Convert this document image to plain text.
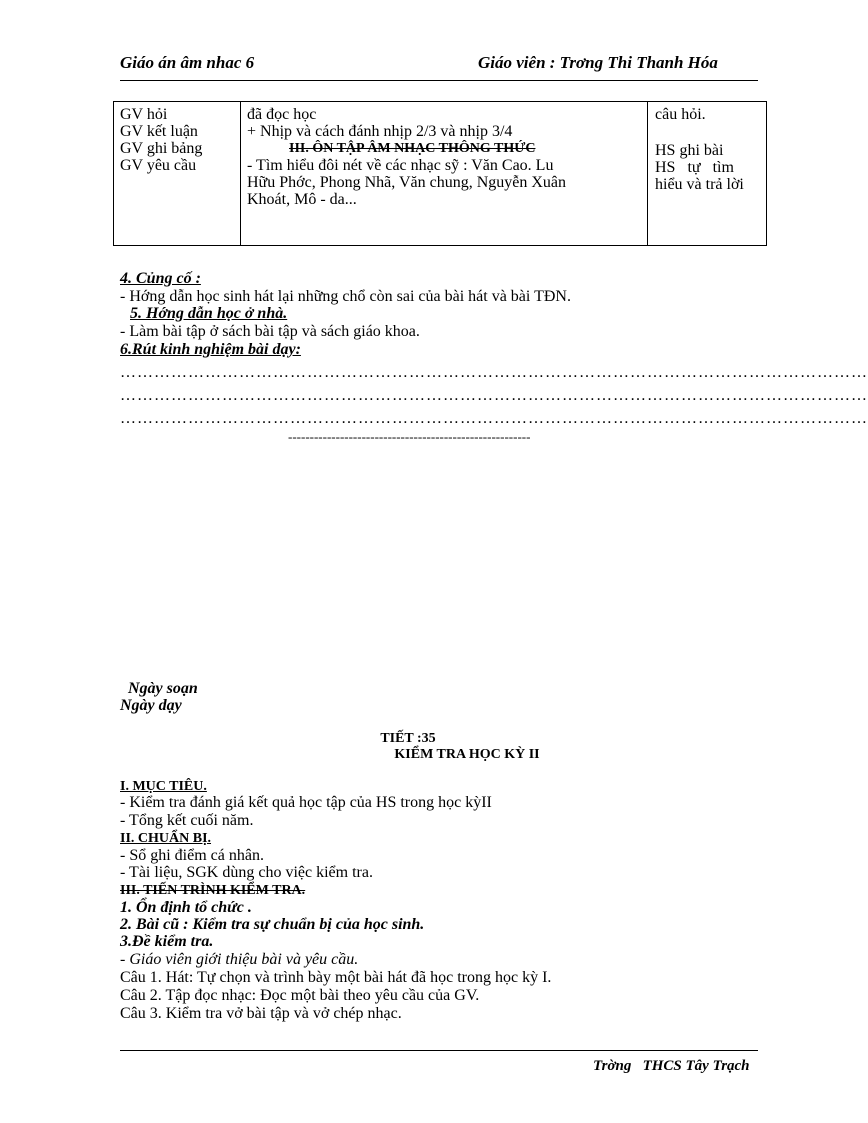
Giáo án âm nhac 6	Giáo viên : Trơng Thi Thanh Hóa
GV hỏi
GV kết luận
GV ghi bảng
GV yêu cầu
đã đọc học
+ Nhịp và cách đánh nhịp 2/3 và nhịp 3/4
III. ÔN TẬP ÂM NHẠC THÔNG THỨC
- Tìm hiểu đôi nét về các nhạc sỹ : Văn Cao. Lu
Hữu Phớc, Phong Nhã, Văn chung, Nguyễn Xuân
Khoát, Mô - da...
câu hỏi.
HS ghi bài
HS   tự   tìm
hiểu và trả lời
4. Củng cố :
- Hớng dẫn học sinh hát lại những chổ còn sai của bài hát và bài TĐN.
5. Hớng dẫn học ở nhà.
- Làm bài tập ở sách bài tập và sách giáo khoa.
6.Rút kinh nghiệm bài dạy:
……………………………………………………………………………………………………………………
……………………………………………………………………………………………………………………
……………………………………………………………………………………………………………………
--------------------------------------------------------
Ngày soạn
Ngày dạy
TIẾT :35
KIỂM TRA HỌC KỲ II
I. MỤC TIÊU.
- Kiểm tra đánh giá kết quả học tập của HS trong học kỳII
- Tổng kết cuối năm.
II. CHUẨN BỊ.
- Sổ ghi điểm cá nhân.
- Tài liệu, SGK dùng cho việc kiểm tra.
III. TIẾN TRÌNH KIỂM TRA.
1. Ổn định tổ chức .
2. Bài cũ : Kiểm tra sự chuẩn bị của học sinh.
3.Đề kiểm tra.
- Giáo viên giới thiệu bài và yêu cầu.
Câu 1. Hát: Tự chọn và trình bày một bài hát đã học trong học kỳ I.
Câu 2. Tập đọc nhạc: Đọc một bài theo yêu cầu của GV.
Câu 3. Kiểm tra vở bài tập và vở chép nhạc.
Trờng   THCS Tây Trạch
